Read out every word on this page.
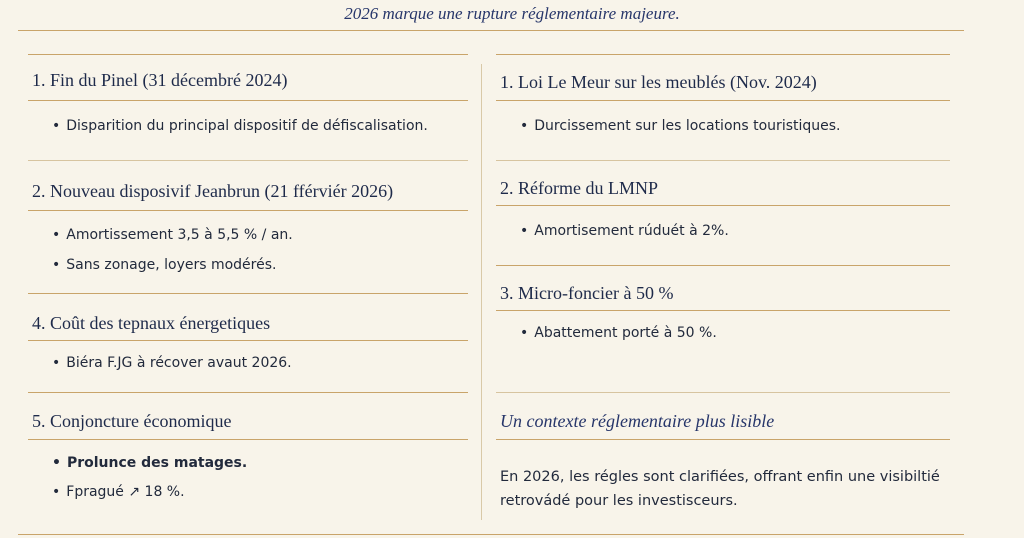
2026 marque une rupture réglementaire majeure.
1. Fin du Pinel (31 décembré 2024)
• Disparition du principal dispositif de défiscalisation.
2. Nouveau disposivif Jeanbrun (21 fférviér 2026)
• Amortissement 3,5 à 5,5 % / an.
• Sans zonage, loyers modérés.
4. Coût des tepnaux énergetiques
• Biéra F.JG à récover avaut 2026.
5. Conjoncture économique
• Prolunce des matages.
• Fpragué ↗ 18 %.
1. Loi Le Meur sur les meublés (Nov. 2024)
• Durcissement sur les locations touristiques.
2. Réforme du LMNP
• Amortisement rúduét à 2%.
3. Micro-foncier à 50 %
• Abattement porté à 50 %.
Un contexte réglementaire plus lisible
En 2026, les régles sont clarifiées, offrant enfin une visibiltié retrovádé pour les investisceurs.
